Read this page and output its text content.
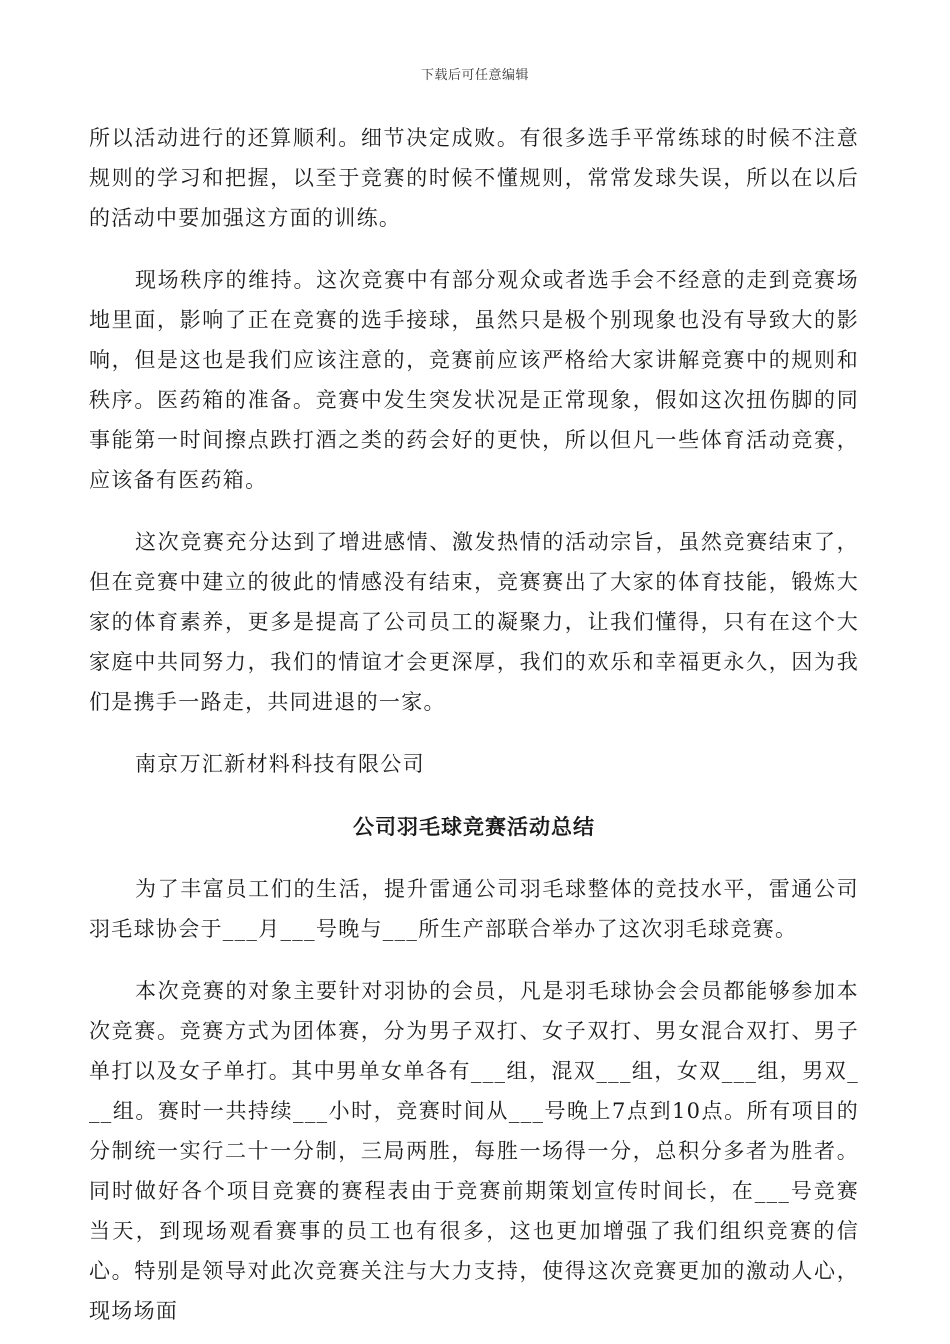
下载后可任意编辑

所以活动进行的还算顺利。细节决定成败。有很多选手平常练球的时候不注意规则的学习和把握，以至于竞赛的时候不懂规则，常常发球失误，所以在以后的活动中要加强这方面的训练。

现场秩序的维持。这次竞赛中有部分观众或者选手会不经意的走到竞赛场地里面，影响了正在竞赛的选手接球，虽然只是极个别现象也没有导致大的影响，但是这也是我们应该注意的，竞赛前应该严格给大家讲解竞赛中的规则和秩序。医药箱的准备。竞赛中发生突发状况是正常现象，假如这次扭伤脚的同事能第一时间擦点跌打酒之类的药会好的更快，所以但凡一些体育活动竞赛，应该备有医药箱。

这次竞赛充分达到了增进感情、激发热情的活动宗旨，虽然竞赛结束了，但在竞赛中建立的彼此的情感没有结束，竞赛赛出了大家的体育技能，锻炼大家的体育素养，更多是提高了公司员工的凝聚力，让我们懂得，只有在这个大家庭中共同努力，我们的情谊才会更深厚，我们的欢乐和幸福更永久，因为我们是携手一路走，共同进退的一家。

南京万汇新材料科技有限公司

公司羽毛球竞赛活动总结

为了丰富员工们的生活，提升雷通公司羽毛球整体的竞技水平，雷通公司羽毛球协会于___月___号晚与___所生产部联合举办了这次羽毛球竞赛。

本次竞赛的对象主要针对羽协的会员，凡是羽毛球协会会员都能够参加本次竞赛。竞赛方式为团体赛，分为男子双打、女子双打、男女混合双打、男子单打以及女子单打。其中男单女单各有___组，混双___组，女双___组，男双___组。赛时一共持续___小时，竞赛时间从___号晚上7点到10点。所有项目的分制统一实行二十一分制，三局两胜，每胜一场得一分，总积分多者为胜者。同时做好各个项目竞赛的赛程表由于竞赛前期策划宣传时间长，在___号竞赛当天，到现场观看赛事的员工也有很多，这也更加增强了我们组织竞赛的信心。特别是领导对此次竞赛关注与大力支持，使得这次竞赛更加的激动人心，现场场面
